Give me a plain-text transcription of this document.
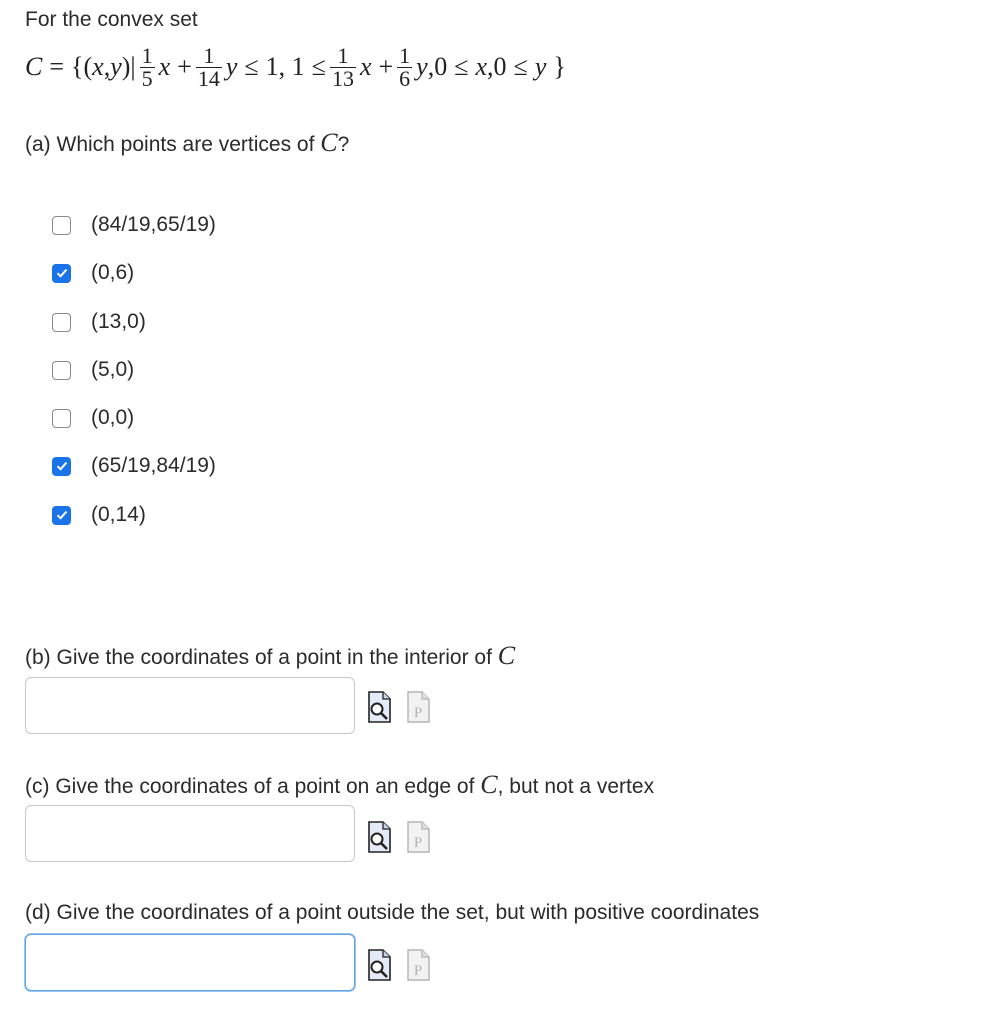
For the convex set
C = {( x , y )| $\frac{1}{5}$ $x + \frac{1}{14}$ y ≤ 1, $1 \le \frac{1}{13}$ $x + \frac{1}{6}$ y ,0 ≤ x ,0 ≤ y }
(a) Which points are vertices of C?
(84/19,65/19)
(0,6)
(13,0)
(5,0)
(0,0)
(65/19,84/19)
(0,14)
(b) Give the coordinates of a point in the interior of C
P
(c) Give the coordinates of a point on an edge of C, but not a vertex
P
(d) Give the coordinates of a point outside the set, but with positive coordinates
P
